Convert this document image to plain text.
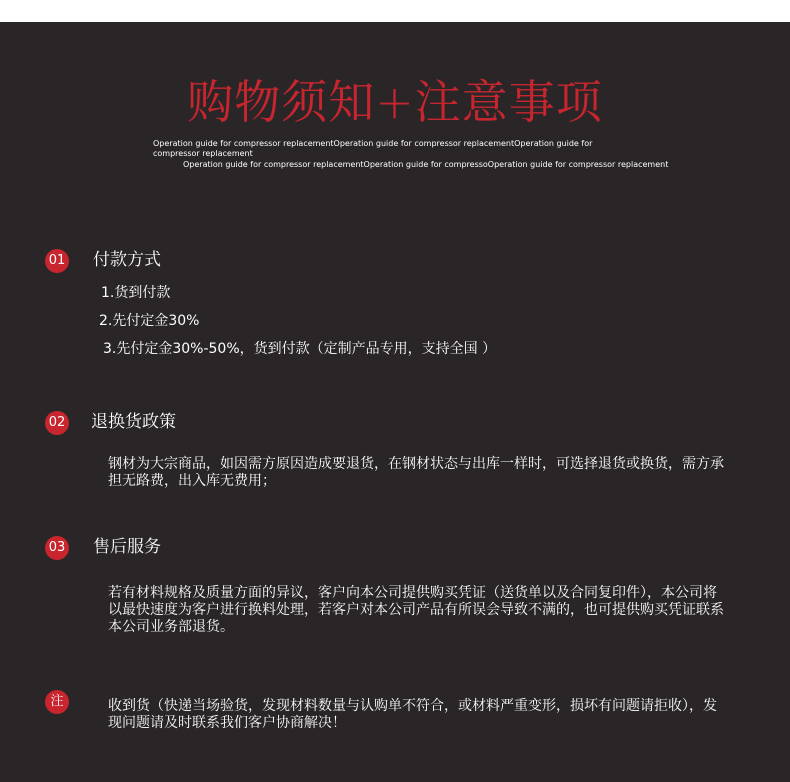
购物须知+注意事项
Operation guide for compressor replacementOperation guide for compressor replacementOperation guide for compressor replacement
Operation guide for compressor replacementOperation guide for compressoOperation guide for compressor replacement
01 付款方式
1.货到付款
2.先付定金30%
3.先付定金30%-50%，货到付款（定制产品专用，支持全国 ）
02 退换货政策
钢材为大宗商品，如因需方原因造成要退货，在钢材状态与出库一样时，可选择退货或换货，需方承担无路费，出入库无费用；
03 售后服务
若有材料规格及质量方面的异议，客户向本公司提供购买凭证（送货单以及合同复印件），本公司将以最快速度为客户进行换料处理，若客户对本公司产品有所误会导致不满的，也可提供购买凭证联系本公司业务部退货。
注	收到货（快递当场验货，发现材料数量与认购单不符合，或材料严重变形，损坏有问题请拒收），发现问题请及时联系我们客户协商解决！
